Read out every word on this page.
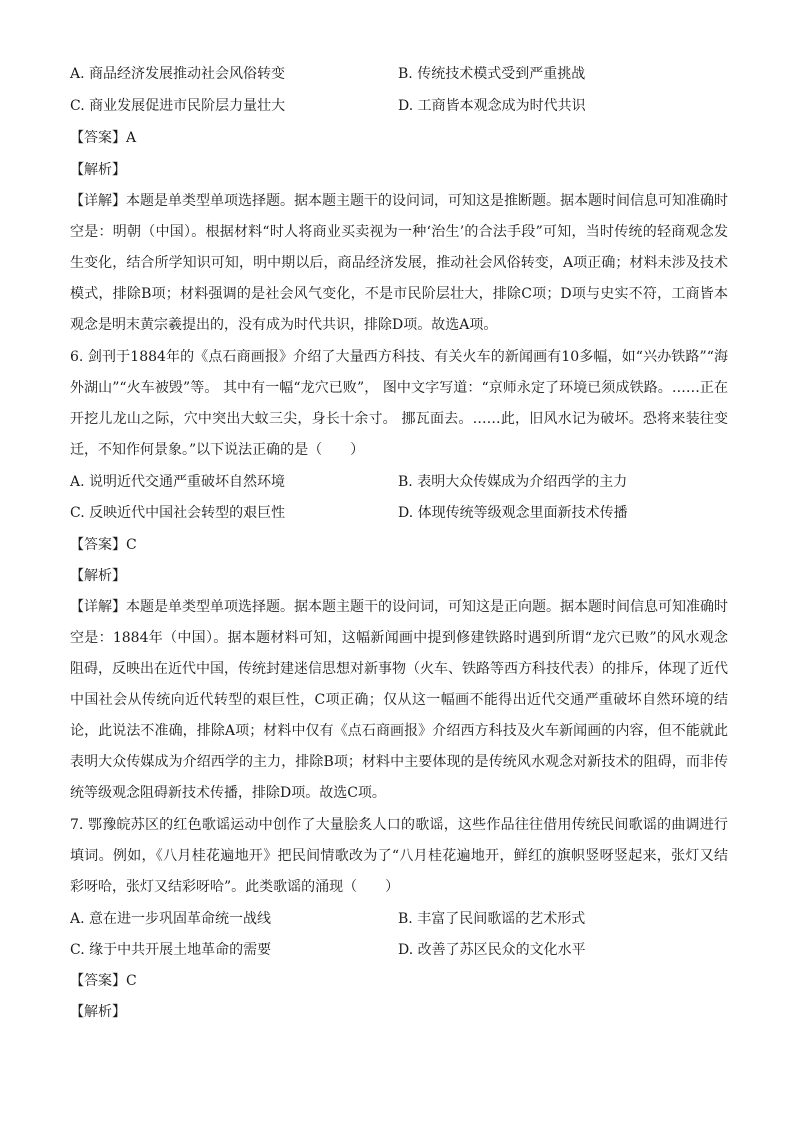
A. 商品经济发展推动社会风俗转变	B. 传统技术模式受到严重挑战
C. 商业发展促进市民阶层力量壮大	D. 工商皆本观念成为时代共识
【答案】A
【解析】
【详解】本题是单类型单项选择题。据本题主题干的设问词，可知这是推断题。据本题时间信息可知准确时空是：明朝（中国）。根据材料“时人将商业买卖视为一种‘治生’的合法手段”可知，当时传统的轻商观念发生变化，结合所学知识可知，明中期以后，商品经济发展，推动社会风俗转变，A项正确；材料未涉及技术模式，排除B项；材料强调的是社会风气变化，不是市民阶层壮大，排除C项；D项与史实不符，工商皆本观念是明末黄宗羲提出的，没有成为时代共识，排除D项。故选A项。
6. 剑刊于1884年的《点石商画报》介绍了大量西方科技、有关火车的新闻画有10多幅，如“兴办铁路”“海外湖山”“火车被毁”等。 其中有一幅“龙穴已败”， 图中文字写道：“京师永定了环境已须成铁路。……正在开挖儿龙山之际，穴中突出大蚊三尖，身长十余寸。 挪瓦面去。……此，旧风水记为破坏。恐将来装往变迁，不知作何景象。”以下说法正确的是（　　）
A. 说明近代交通严重破坏自然环境	B. 表明大众传媒成为介绍西学的主力
C. 反映近代中国社会转型的艰巨性	D. 体现传统等级观念里面新技术传播
【答案】C
【解析】
【详解】本题是单类型单项选择题。据本题主题干的设问词，可知这是正向题。据本题时间信息可知准确时空是：1884年（中国）。据本题材料可知，这幅新闻画中提到修建铁路时遇到所谓“龙穴已败”的风水观念阻碍，反映出在近代中国，传统封建迷信思想对新事物（火车、铁路等西方科技代表）的排斥，体现了近代中国社会从传统向近代转型的艰巨性，C项正确；仅从这一幅画不能得出近代交通严重破坏自然环境的结论，此说法不准确，排除A项；材料中仅有《点石商画报》介绍西方科技及火车新闻画的内容，但不能就此表明大众传媒成为介绍西学的主力，排除B项；材料中主要体现的是传统风水观念对新技术的阻碍，而非传统等级观念阻碍新技术传播，排除D项。故选C项。
7. 鄂豫皖苏区的红色歌谣运动中创作了大量脍炙人口的歌谣，这些作品往往借用传统民间歌谣的曲调进行填词。例如，《八月桂花遍地开》把民间情歌改为了“八月桂花遍地开，鲜红的旗帜竖呀竖起来，张灯又结彩呀哈，张灯又结彩呀哈”。此类歌谣的涌现（　　）
A. 意在进一步巩固革命统一战线	B. 丰富了民间歌谣的艺术形式
C. 缘于中共开展土地革命的需要	D. 改善了苏区民众的文化水平
【答案】C
【解析】
